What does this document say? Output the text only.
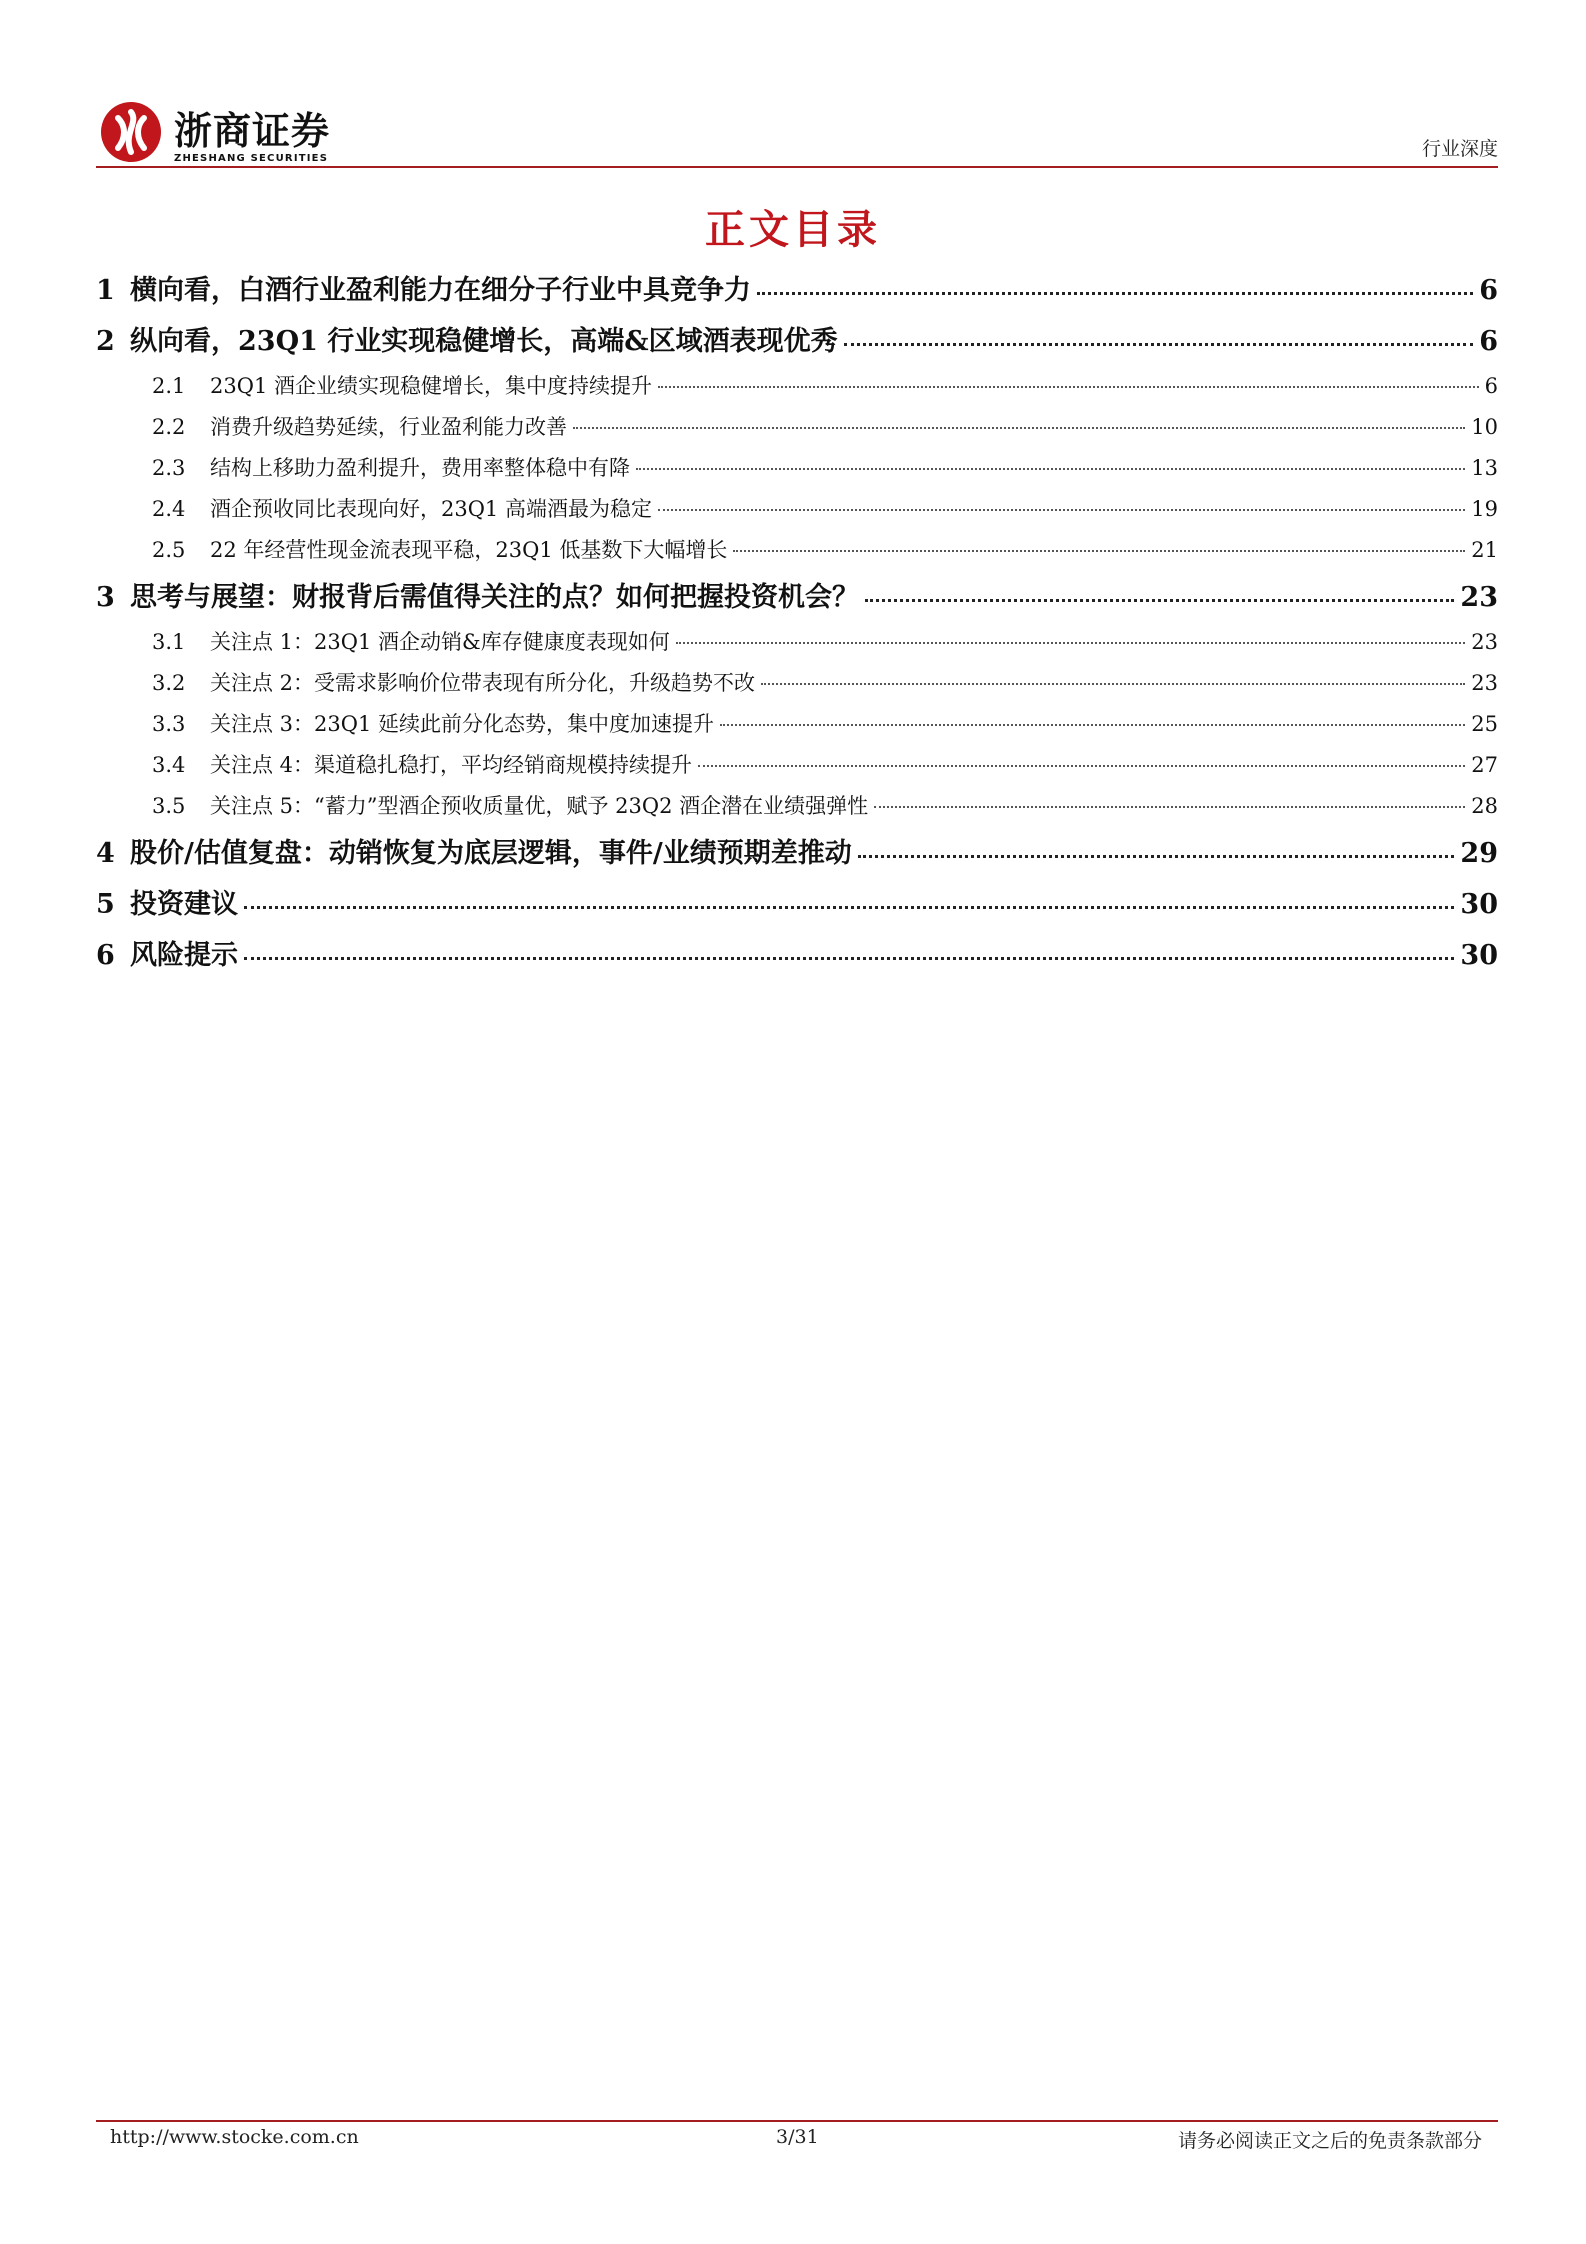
浙商证券
ZHESHANG SECURITIES	行业深度
正文目录
1 横向看，白酒行业盈利能力在细分子行业中具竞争力	6
2 纵向看，23Q1 行业实现稳健增长，高端&区域酒表现优秀	6
2.1	23Q1 酒企业绩实现稳健增长，集中度持续提升	6
2.2	消费升级趋势延续，行业盈利能力改善	10
2.3	结构上移助力盈利提升，费用率整体稳中有降	13
2.4	酒企预收同比表现向好，23Q1 高端酒最为稳定	19
2.5	22 年经营性现金流表现平稳，23Q1 低基数下大幅增长	21
3 思考与展望：财报背后需值得关注的点？如何把握投资机会？	23
3.1	关注点 1：23Q1 酒企动销&库存健康度表现如何	23
3.2	关注点 2：受需求影响价位带表现有所分化，升级趋势不改	23
3.3	关注点 3：23Q1 延续此前分化态势，集中度加速提升	25
3.4	关注点 4：渠道稳扎稳打，平均经销商规模持续提升	27
3.5	关注点 5：“蓄力”型酒企预收质量优，赋予 23Q2 酒企潜在业绩强弹性	28
4 股价/估值复盘：动销恢复为底层逻辑，事件/业绩预期差推动	29
5 投资建议	30
6 风险提示	30
http://www.stocke.com.cn	3/31	请务必阅读正文之后的免责条款部分
